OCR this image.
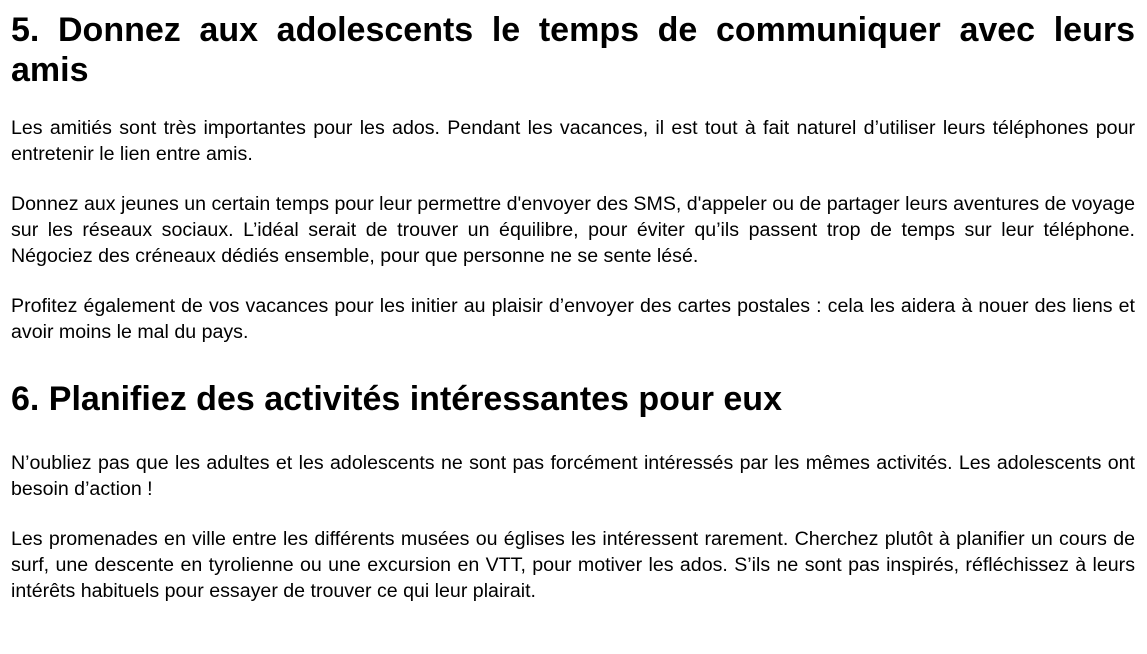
5. Donnez aux adolescents le temps de communiquer avec leurs amis

Les amitiés sont très importantes pour les ados. Pendant les vacances, il est tout à fait naturel d’utiliser leurs téléphones pour entretenir le lien entre amis.

Donnez aux jeunes un certain temps pour leur permettre d'envoyer des SMS, d'appeler ou de partager leurs aventures de voyage sur les réseaux sociaux. L’idéal serait de trouver un équilibre, pour éviter qu’ils passent trop de temps sur leur téléphone. Négociez des créneaux dédiés ensemble, pour que personne ne se sente lésé.

Profitez également de vos vacances pour les initier au plaisir d’envoyer des cartes postales : cela les aidera à nouer des liens et avoir moins le mal du pays.

6. Planifiez des activités intéressantes pour eux

N’oubliez pas que les adultes et les adolescents ne sont pas forcément intéressés par les mêmes activités. Les adolescents ont besoin d’action !

Les promenades en ville entre les différents musées ou églises les intéressent rarement. Cherchez plutôt à planifier un cours de surf, une descente en tyrolienne ou une excursion en VTT, pour motiver les ados. S’ils ne sont pas inspirés, réfléchissez à leurs intérêts habituels pour essayer de trouver ce qui leur plairait.
